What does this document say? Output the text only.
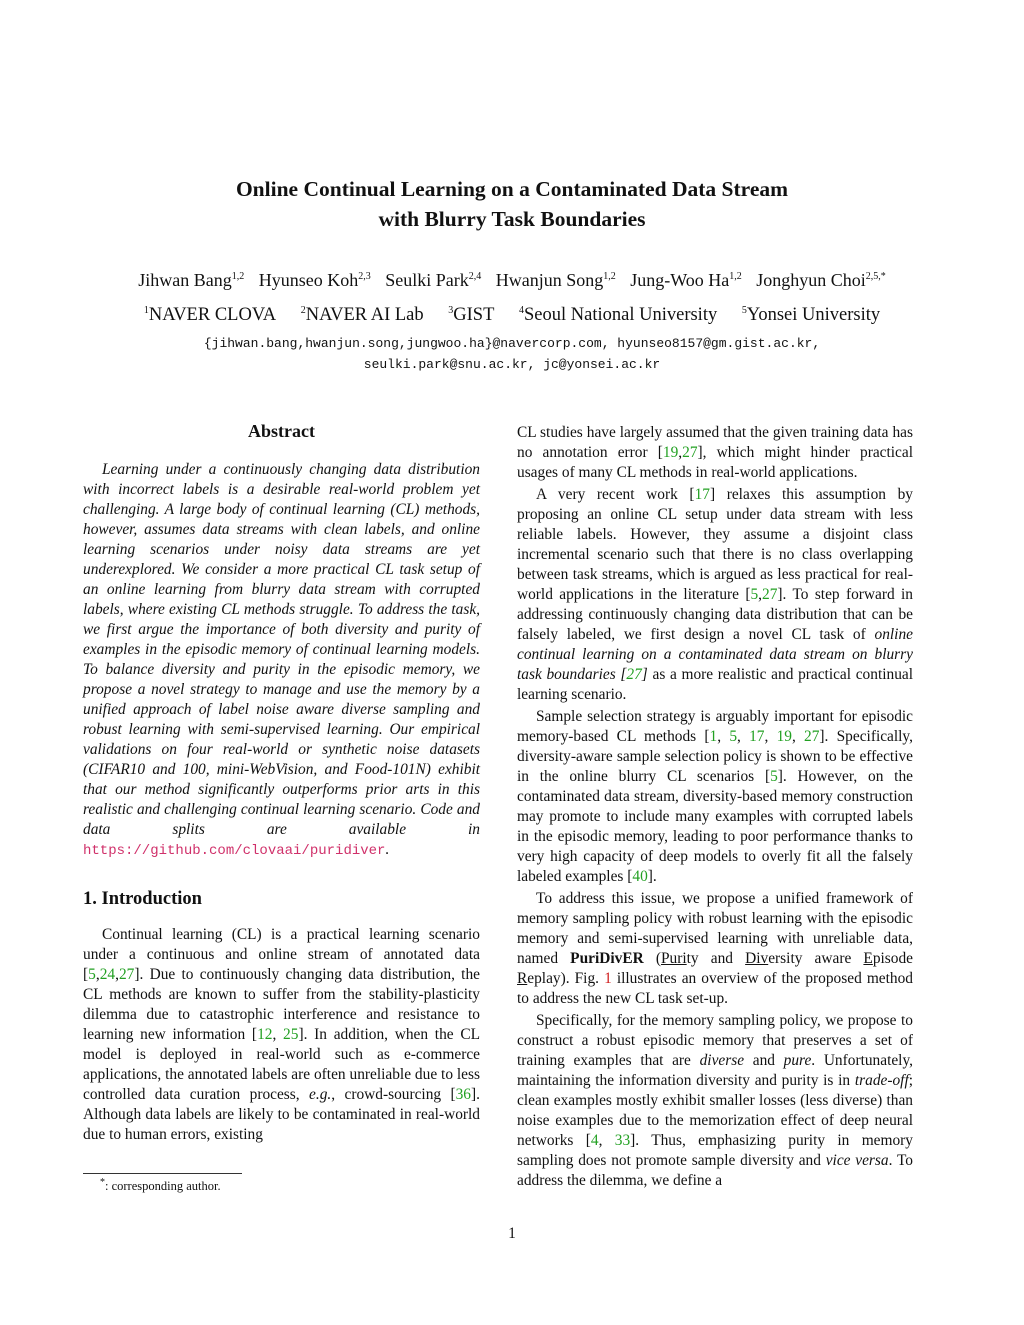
Online Continual Learning on a Contaminated Data Stream
with Blurry Task Boundaries
Jihwan Bang$^{1,2}$ Hyunseo Koh$^{2,3}$ Seulki Park$^{2,4}$ Hwanjun Song$^{1,2}$ Jung-Woo Ha$^{1,2}$ Jonghyun Choi$^{2,5,*}$
$^1$NAVER CLOVA $^2$NAVER AI Lab $^3$GIST $^4$Seoul National University $^5$Yonsei University
{jihwan.bang,hwanjun.song,jungwoo.ha}@navercorp.com, hyunseo8157@gm.gist.ac.kr,
seulki.park@snu.ac.kr, jc@yonsei.ac.kr
Abstract

Learning under a continuously changing data distribution with incorrect labels is a desirable real-world problem yet challenging. A large body of continual learning (CL) methods, however, assumes data streams with clean labels, and online learning scenarios under noisy data streams are yet underexplored. We consider a more practical CL task setup of an online learning from blurry data stream with corrupted labels, where existing CL methods struggle. To address the task, we first argue the importance of both diversity and purity of examples in the episodic memory of continual learning models. To balance diversity and purity in the episodic memory, we propose a novel strategy to manage and use the memory by a unified approach of label noise aware diverse sampling and robust learning with semi-supervised learning. Our empirical validations on four real-world or synthetic noise datasets (CIFAR10 and 100, mini-WebVision, and Food-101N) exhibit that our method significantly outperforms prior arts in this realistic and challenging continual learning scenario. Code and data splits are available in https://github.com/clovaai/puridiver.

1. Introduction

Continual learning (CL) is a practical learning scenario under a continuous and online stream of annotated data [5,24,27]. Due to continuously changing data distribution, the CL methods are known to suffer from the stability-plasticity dilemma due to catastrophic interference and resistance to learning new information [12, 25]. In addition, when the CL model is deployed in real-world such as e-commerce applications, the annotated labels are often unreliable due to less controlled data curation process, e.g., crowd-sourcing [36]. Although data labels are likely to be contaminated in real-world due to human errors, existing

CL studies have largely assumed that the given training data has no annotation error [19,27], which might hinder practical usages of many CL methods in real-world applications.

A very recent work [17] relaxes this assumption by proposing an online CL setup under data stream with less reliable labels. However, they assume a disjoint class incremental scenario such that there is no class overlapping between task streams, which is argued as less practical for real-world applications in the literature [5,27]. To step forward in addressing continuously changing data distribution that can be falsely labeled, we first design a novel CL task of online continual learning on a contaminated data stream on blurry task boundaries [27] as a more realistic and practical continual learning scenario.

Sample selection strategy is arguably important for episodic memory-based CL methods [1, 5, 17, 19, 27]. Specifically, diversity-aware sample selection policy is shown to be effective in the online blurry CL scenarios [5]. However, on the contaminated data stream, diversity-based memory construction may promote to include many examples with corrupted labels in the episodic memory, leading to poor performance thanks to very high capacity of deep models to overly fit all the falsely labeled examples [40].

To address this issue, we propose a unified framework of memory sampling policy with robust learning with the episodic memory and semi-supervised learning with unreliable data, named PuriDivER (Purity and Diversity aware Episode Replay). Fig. 1 illustrates an overview of the proposed method to address the new CL task set-up.

Specifically, for the memory sampling policy, we propose to construct a robust episodic memory that preserves a set of training examples that are diverse and pure. Unfortunately, maintaining the information diversity and purity is in trade-off; clean examples mostly exhibit smaller losses (less diverse) than noise examples due to the memorization effect of deep neural networks [4, 33]. Thus, emphasizing purity in memory sampling does not promote sample diversity and vice versa. To address the dilemma, we define a

*: corresponding author.
1
